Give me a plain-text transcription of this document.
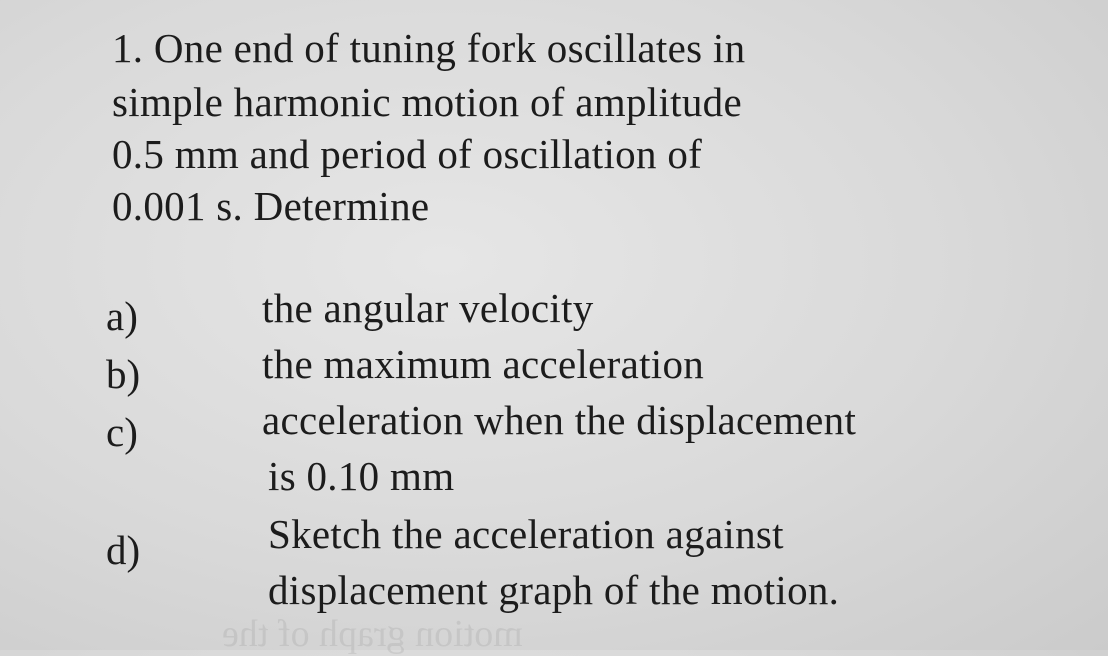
1. One end of tuning fork oscillates in
simple harmonic motion of amplitude
0.5 mm and period of oscillation of
0.001 s. Determine
a)	the angular velocity
b)	the maximum acceleration
c)	acceleration when the displacement
is 0.10 mm
d)	Sketch the acceleration against
displacement graph of the motion.
motion graph of the
